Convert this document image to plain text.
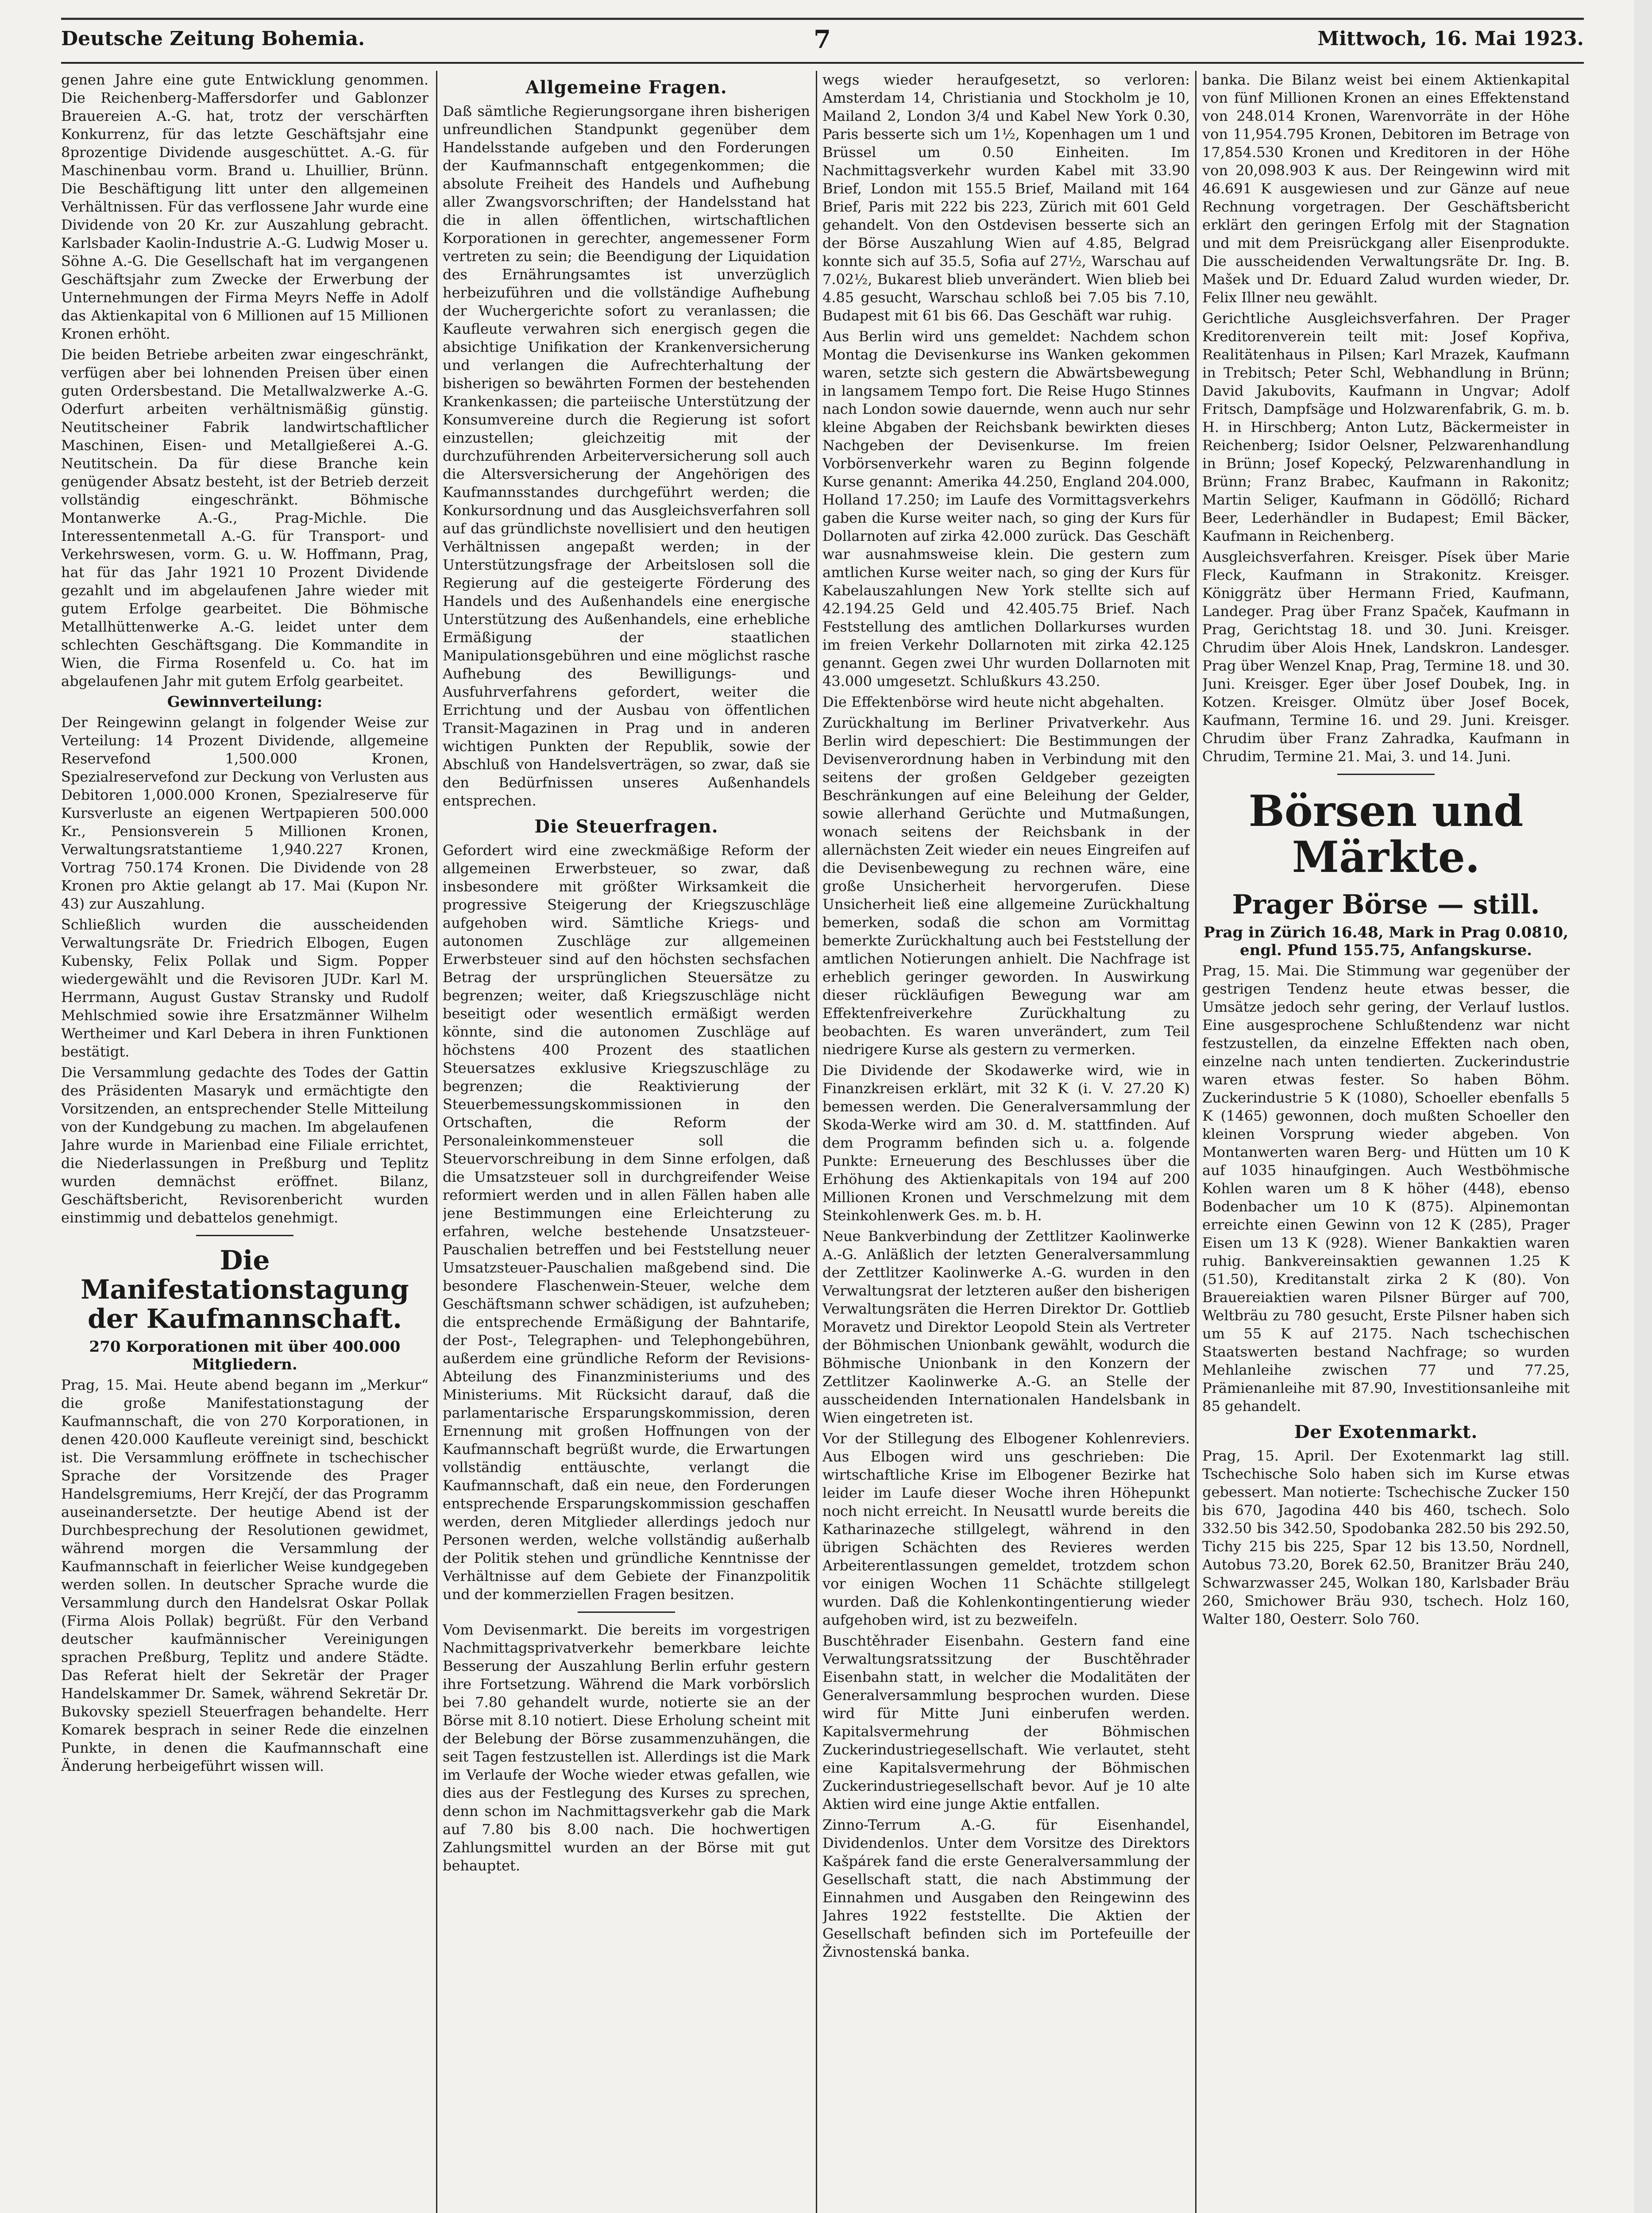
Deutsche Zeitung Bohemia.	7	Mittwoch, 16. Mai 1923.

genen Jahre eine gute Entwicklung genommen. Die Reichenberg-Maffersdorfer und Gablonzer Brauereien A.-G. hat, trotz der verschärften Konkurrenz, für das letzte Geschäftsjahr eine 8prozentige Dividende ausgeschüttet. A.-G. für Maschinenbau vorm. Brand u. Lhuillier, Brünn. Die Beschäftigung litt unter den allgemeinen Verhältnissen. Für das verflossene Jahr wurde eine Dividende von 20 Kr. zur Auszahlung gebracht. Karlsbader Kaolin-Industrie A.-G. Ludwig Moser u. Söhne A.-G. Die Gesellschaft hat im vergangenen Geschäftsjahr zum Zwecke der Erwerbung der Unternehmungen der Firma Meyrs Neffe in Adolf das Aktienkapital von 6 Millionen auf 15 Millionen Kronen erhöht.

Die beiden Betriebe arbeiten zwar eingeschränkt, verfügen aber bei lohnenden Preisen über einen guten Ordersbestand. Die Metallwalzwerke A.-G. Oderfurt arbeiten verhältnismäßig günstig. Neutitscheiner Fabrik landwirtschaftlicher Maschinen, Eisen- und Metallgießerei A.-G. Neutitschein. Da für diese Branche kein genügender Absatz besteht, ist der Betrieb derzeit vollständig eingeschränkt. Böhmische Montanwerke A.-G., Prag-Michle. Die Interessentenmetall A.-G. für Transport- und Verkehrswesen, vorm. G. u. W. Hoffmann, Prag, hat für das Jahr 1921 10 Prozent Dividende gezahlt und im abgelaufenen Jahre wieder mit gutem Erfolge gearbeitet. Die Böhmische Metallhüttenwerke A.-G. leidet unter dem schlechten Geschäftsgang. Die Kommandite in Wien, die Firma Rosenfeld u. Co. hat im abgelaufenen Jahr mit gutem Erfolg gearbeitet.

Gewinnverteilung:

Der Reingewinn gelangt in folgender Weise zur Verteilung: 14 Prozent Dividende, allgemeine Reservefond 1,500.000 Kronen, Spezialreservefond zur Deckung von Verlusten aus Debitoren 1,000.000 Kronen, Spezialreserve für Kursverluste an eigenen Wertpapieren 500.000 Kr., Pensionsverein 5 Millionen Kronen, Verwaltungsratstantieme 1,940.227 Kronen, Vortrag 750.174 Kronen. Die Dividende von 28 Kronen pro Aktie gelangt ab 17. Mai (Kupon Nr. 43) zur Auszahlung.

Schließlich wurden die ausscheidenden Verwaltungsräte Dr. Friedrich Elbogen, Eugen Kubensky, Felix Pollak und Sigm. Popper wiedergewählt und die Revisoren JUDr. Karl M. Herrmann, August Gustav Stransky und Rudolf Mehlschmied sowie ihre Ersatzmänner Wilhelm Wertheimer und Karl Debera in ihren Funktionen bestätigt.

Die Versammlung gedachte des Todes der Gattin des Präsidenten Masaryk und ermächtigte den Vorsitzenden, an entsprechender Stelle Mitteilung von der Kundgebung zu machen. Im abgelaufenen Jahre wurde in Marienbad eine Filiale errichtet, die Niederlassungen in Preßburg und Teplitz wurden demnächst eröffnet. Bilanz, Geschäftsbericht, Revisorenbericht wurden einstimmig und debattelos genehmigt.

Die Manifestationstagung der Kaufmannschaft.
270 Korporationen mit über 400.000 Mitgliedern.

Prag, 15. Mai. Heute abend begann im „Merkur“ die große Manifestationstagung der Kaufmannschaft, die von 270 Korporationen, in denen 420.000 Kaufleute vereinigt sind, beschickt ist. Die Versammlung eröffnete in tschechischer Sprache der Vorsitzende des Prager Handelsgremiums, Herr Krejčí, der das Programm auseinandersetzte. Der heutige Abend ist der Durchbesprechung der Resolutionen gewidmet, während morgen die Versammlung der Kaufmannschaft in feierlicher Weise kundgegeben werden sollen. In deutscher Sprache wurde die Versammlung durch den Handelsrat Oskar Pollak (Firma Alois Pollak) begrüßt. Für den Verband deutscher kaufmännischer Vereinigungen sprachen Preßburg, Teplitz und andere Städte. Das Referat hielt der Sekretär der Prager Handelskammer Dr. Samek, während Sekretär Dr. Bukovsky speziell Steuerfragen behandelte. Herr Komarek besprach in seiner Rede die einzelnen Punkte, in denen die Kaufmannschaft eine Änderung herbeigeführt wissen will.

Allgemeine Fragen.

Daß sämtliche Regierungsorgane ihren bisherigen unfreundlichen Standpunkt gegenüber dem Handelsstande aufgeben und den Forderungen der Kaufmannschaft entgegenkommen; die absolute Freiheit des Handels und Aufhebung aller Zwangsvorschriften; der Handelsstand hat die in allen öffentlichen, wirtschaftlichen Korporationen in gerechter, angemessener Form vertreten zu sein; die Beendigung der Liquidation des Ernährungsamtes ist unverzüglich herbeizuführen und die vollständige Aufhebung der Wuchergerichte sofort zu veranlassen; die Kaufleute verwahren sich energisch gegen die absichtige Unifikation der Krankenversicherung und verlangen die Aufrechterhaltung der bisherigen so bewährten Formen der bestehenden Krankenkassen; die parteiische Unterstützung der Konsumvereine durch die Regierung ist sofort einzustellen; gleichzeitig mit der durchzuführenden Arbeiterversicherung soll auch die Altersversicherung der Angehörigen des Kaufmannsstandes durchgeführt werden; die Konkursordnung und das Ausgleichsverfahren soll auf das gründlichste novellisiert und den heutigen Verhältnissen angepaßt werden; in der Unterstützungsfrage der Arbeitslosen soll die Regierung auf die gesteigerte Förderung des Handels und des Außenhandels eine energische Unterstützung des Außenhandels, eine erhebliche Ermäßigung der staatlichen Manipulationsgebühren und eine möglichst rasche Aufhebung des Bewilligungs- und Ausfuhrverfahrens gefordert, weiter die Errichtung und der Ausbau von öffentlichen Transit-Magazinen in Prag und in anderen wichtigen Punkten der Republik, sowie der Abschluß von Handelsverträgen, so zwar, daß sie den Bedürfnissen unseres Außenhandels entsprechen.

Die Steuerfragen.

Gefordert wird eine zweckmäßige Reform der allgemeinen Erwerbsteuer, so zwar, daß insbesondere mit größter Wirksamkeit die progressive Steigerung der Kriegszuschläge aufgehoben wird. Sämtliche Kriegs- und autonomen Zuschläge zur allgemeinen Erwerbsteuer sind auf den höchsten sechsfachen Betrag der ursprünglichen Steuersätze zu begrenzen; weiter, daß Kriegszuschläge nicht beseitigt oder wesentlich ermäßigt werden könnte, sind die autonomen Zuschläge auf höchstens 400 Prozent des staatlichen Steuersatzes exklusive Kriegszuschläge zu begrenzen; die Reaktivierung der Steuerbemessungskommissionen in den Ortschaften, die Reform der Personaleinkommensteuer soll die Steuervorschreibung in dem Sinne erfolgen, daß die Umsatzsteuer soll in durchgreifender Weise reformiert werden und in allen Fällen haben alle jene Bestimmungen eine Erleichterung zu erfahren, welche bestehende Unsatzsteuer-Pauschalien betreffen und bei Feststellung neuer Umsatzsteuer-Pauschalien maßgebend sind. Die besondere Flaschenwein-Steuer, welche dem Geschäftsmann schwer schädigen, ist aufzuheben; die entsprechende Ermäßigung der Bahntarife, der Post-, Telegraphen- und Telephongebühren, außerdem eine gründliche Reform der Revisions-Abteilung des Finanzministeriums und des Ministeriums. Mit Rücksicht darauf, daß die parlamentarische Ersparungskommission, deren Ernennung mit großen Hoffnungen von der Kaufmannschaft begrüßt wurde, die Erwartungen vollständig enttäuschte, verlangt die Kaufmannschaft, daß ein neue, den Forderungen entsprechende Ersparungskommission geschaffen werden, deren Mitglieder allerdings jedoch nur Personen werden, welche vollständig außerhalb der Politik stehen und gründliche Kenntnisse der Verhältnisse auf dem Gebiete der Finanzpolitik und der kommerziellen Fragen besitzen.

Vom Devisenmarkt. Die bereits im vorgestrigen Nachmittagsprivatverkehr bemerkbare leichte Besserung der Auszahlung Berlin erfuhr gestern ihre Fortsetzung. Während die Mark vorbörslich bei 7.80 gehandelt wurde, notierte sie an der Börse mit 8.10 notiert. Diese Erholung scheint mit der Belebung der Börse zusammenzuhängen, die seit Tagen festzustellen ist. Allerdings ist die Mark im Verlaufe der Woche wieder etwas gefallen, wie dies aus der Festlegung des Kurses zu sprechen, denn schon im Nachmittagsverkehr gab die Mark auf 7.80 bis 8.00 nach. Die hochwertigen Zahlungsmittel wurden an der Börse mit gut behauptet.

wegs wieder heraufgesetzt, so verloren: Amsterdam 14, Christiania und Stockholm je 10, Mailand 2, London 3/4 und Kabel New York 0.30, Paris besserte sich um 1½, Kopenhagen um 1 und Brüssel um 0.50 Einheiten. Im Nachmittagsverkehr wurden Kabel mit 33.90 Brief, London mit 155.5 Brief, Mailand mit 164 Brief, Paris mit 222 bis 223, Zürich mit 601 Geld gehandelt. Von den Ostdevisen besserte sich an der Börse Auszahlung Wien auf 4.85, Belgrad konnte sich auf 35.5, Sofia auf 27½, Warschau auf 7.02½, Bukarest blieb unverändert. Wien blieb bei 4.85 gesucht, Warschau schloß bei 7.05 bis 7.10, Budapest mit 61 bis 66. Das Geschäft war ruhig.

Aus Berlin wird uns gemeldet: Nachdem schon Montag die Devisenkurse ins Wanken gekommen waren, setzte sich gestern die Abwärtsbewegung in langsamem Tempo fort. Die Reise Hugo Stinnes nach London sowie dauernde, wenn auch nur sehr kleine Abgaben der Reichsbank bewirkten dieses Nachgeben der Devisenkurse. Im freien Vorbörsenverkehr waren zu Beginn folgende Kurse genannt: Amerika 44.250, England 204.000, Holland 17.250; im Laufe des Vormittagsverkehrs gaben die Kurse weiter nach, so ging der Kurs für Dollarnoten auf zirka 42.000 zurück. Das Geschäft war ausnahmsweise klein. Die gestern zum amtlichen Kurse weiter nach, so ging der Kurs für Kabelauszahlungen New York stellte sich auf 42.194.25 Geld und 42.405.75 Brief. Nach Feststellung des amtlichen Dollarkurses wurden im freien Verkehr Dollarnoten mit zirka 42.125 genannt. Gegen zwei Uhr wurden Dollarnoten mit 43.000 umgesetzt. Schlußkurs 43.250.

Die Effektenbörse wird heute nicht abgehalten.

Zurückhaltung im Berliner Privatverkehr. Aus Berlin wird depeschiert: Die Bestimmungen der Devisenverordnung haben in Verbindung mit den seitens der großen Geldgeber gezeigten Beschränkungen auf eine Beleihung der Gelder, sowie allerhand Gerüchte und Mutmaßungen, wonach seitens der Reichsbank in der allernächsten Zeit wieder ein neues Eingreifen auf die Devisenbewegung zu rechnen wäre, eine große Unsicherheit hervorgerufen. Diese Unsicherheit ließ eine allgemeine Zurückhaltung bemerken, sodaß die schon am Vormittag bemerkte Zurückhaltung auch bei Feststellung der amtlichen Notierungen anhielt. Die Nachfrage ist erheblich geringer geworden. In Auswirkung dieser rückläufigen Bewegung war am Effektenfreiverkehre Zurückhaltung zu beobachten. Es waren unverändert, zum Teil niedrigere Kurse als gestern zu vermerken.

Die Dividende der Skodawerke wird, wie in Finanzkreisen erklärt, mit 32 K (i. V. 27.20 K) bemessen werden. Die Generalversammlung der Skoda-Werke wird am 30. d. M. stattfinden. Auf dem Programm befinden sich u. a. folgende Punkte: Erneuerung des Beschlusses über die Erhöhung des Aktienkapitals von 194 auf 200 Millionen Kronen und Verschmelzung mit dem Steinkohlenwerk Ges. m. b. H.

Neue Bankverbindung der Zettlitzer Kaolinwerke A.-G. Anläßlich der letzten Generalversammlung der Zettlitzer Kaolinwerke A.-G. wurden in den Verwaltungsrat der letzteren außer den bisherigen Verwaltungsräten die Herren Direktor Dr. Gottlieb Moravetz und Direktor Leopold Stein als Vertreter der Böhmischen Unionbank gewählt, wodurch die Böhmische Unionbank in den Konzern der Zettlitzer Kaolinwerke A.-G. an Stelle der ausscheidenden Internationalen Handelsbank in Wien eingetreten ist.

Vor der Stillegung des Elbogener Kohlenreviers. Aus Elbogen wird uns geschrieben: Die wirtschaftliche Krise im Elbogener Bezirke hat leider im Laufe dieser Woche ihren Höhepunkt noch nicht erreicht. In Neusattl wurde bereits die Katharinazeche stillgelegt, während in den übrigen Schächten des Revieres werden Arbeiterentlassungen gemeldet, trotzdem schon vor einigen Wochen 11 Schächte stillgelegt wurden. Daß die Kohlenkontingentierung wieder aufgehoben wird, ist zu bezweifeln.

Buschtěhrader Eisenbahn. Gestern fand eine Verwaltungsratssitzung der Buschtěhrader Eisenbahn statt, in welcher die Modalitäten der Generalversammlung besprochen wurden. Diese wird für Mitte Juni einberufen werden. Kapitalsvermehrung der Böhmischen Zuckerindustriegesellschaft. Wie verlautet, steht eine Kapitalsvermehrung der Böhmischen Zuckerindustriegesellschaft bevor. Auf je 10 alte Aktien wird eine junge Aktie entfallen.

Zinno-Terrum A.-G. für Eisenhandel, Dividendenlos. Unter dem Vorsitze des Direktors Kašpárek fand die erste Generalversammlung der Gesellschaft statt, die nach Abstimmung der Einnahmen und Ausgaben den Reingewinn des Jahres 1922 feststellte. Die Aktien der Gesellschaft befinden sich im Portefeuille der Živnostenská banka.

banka. Die Bilanz weist bei einem Aktienkapital von fünf Millionen Kronen an eines Effektenstand von 248.014 Kronen, Warenvorräte in der Höhe von 11,954.795 Kronen, Debitoren im Betrage von 17,854.530 Kronen und Kreditoren in der Höhe von 20,098.903 K aus. Der Reingewinn wird mit 46.691 K ausgewiesen und zur Gänze auf neue Rechnung vorgetragen. Der Geschäftsbericht erklärt den geringen Erfolg mit der Stagnation und mit dem Preisrückgang aller Eisenprodukte. Die ausscheidenden Verwaltungsräte Dr. Ing. B. Mašek und Dr. Eduard Zalud wurden wieder, Dr. Felix Illner neu gewählt.

Gerichtliche Ausgleichsverfahren. Der Prager Kreditorenverein teilt mit: Josef Kopřiva, Realitätenhaus in Pilsen; Karl Mrazek, Kaufmann in Trebitsch; Peter Schl, Webhandlung in Brünn; David Jakubovits, Kaufmann in Ungvar; Adolf Fritsch, Dampfsäge und Holzwarenfabrik, G. m. b. H. in Hirschberg; Anton Lutz, Bäckermeister in Reichenberg; Isidor Oelsner, Pelzwarenhandlung in Brünn; Josef Kopecký, Pelzwarenhandlung in Brünn; Franz Brabec, Kaufmann in Rakonitz; Martin Seliger, Kaufmann in Gödöllő; Richard Beer, Lederhändler in Budapest; Emil Bäcker, Kaufmann in Reichenberg.

Ausgleichsverfahren. Kreisger. Písek über Marie Fleck, Kaufmann in Strakonitz. Kreisger. Königgrätz über Hermann Fried, Kaufmann, Landeger. Prag über Franz Spaček, Kaufmann in Prag, Gerichtstag 18. und 30. Juni. Kreisger. Chrudim über Alois Hnek, Landskron. Landesger. Prag über Wenzel Knap, Prag, Termine 18. und 30. Juni. Kreisger. Eger über Josef Doubek, Ing. in Kotzen. Kreisger. Olmütz über Josef Bocek, Kaufmann, Termine 16. und 29. Juni. Kreisger. Chrudim über Franz Zahradka, Kaufmann in Chrudim, Termine 21. Mai, 3. und 14. Juni.

Börsen und Märkte.
Prager Börse — still.
Prag in Zürich 16.48, Mark in Prag 0.0810, engl. Pfund 155.75, Anfangskurse.

Prag, 15. Mai. Die Stimmung war gegenüber der gestrigen Tendenz heute etwas besser, die Umsätze jedoch sehr gering, der Verlauf lustlos. Eine ausgesprochene Schlußtendenz war nicht festzustellen, da einzelne Effekten nach oben, einzelne nach unten tendierten. Zuckerindustrie waren etwas fester. So haben Böhm. Zuckerindustrie 5 K (1080), Schoeller ebenfalls 5 K (1465) gewonnen, doch mußten Schoeller den kleinen Vorsprung wieder abgeben. Von Montanwerten waren Berg- und Hütten um 10 K auf 1035 hinaufgingen. Auch Westböhmische Kohlen waren um 8 K höher (448), ebenso Bodenbacher um 10 K (875). Alpinemontan erreichte einen Gewinn von 12 K (285), Prager Eisen um 13 K (928). Wiener Bankaktien waren ruhig. Bankvereinsaktien gewannen 1.25 K (51.50), Kreditanstalt zirka 2 K (80). Von Brauereiaktien waren Pilsner Bürger auf 700, Weltbräu zu 780 gesucht, Erste Pilsner haben sich um 55 K auf 2175. Nach tschechischen Staatswerten bestand Nachfrage; so wurden Mehlanleihe zwischen 77 und 77.25, Prämienanleihe mit 87.90, Investitionsanleihe mit 85 gehandelt.

Der Exotenmarkt.

Prag, 15. April. Der Exotenmarkt lag still. Tschechische Solo haben sich im Kurse etwas gebessert. Man notierte: Tschechische Zucker 150 bis 670, Jagodina 440 bis 460, tschech. Solo 332.50 bis 342.50, Spodobanka 282.50 bis 292.50, Tichy 215 bis 225, Spar 12 bis 13.50, Nordnell, Autobus 73.20, Borek 62.50, Branitzer Bräu 240, Schwarzwasser 245, Wolkan 180, Karlsbader Bräu 260, Smichower Bräu 930, tschech. Holz 160, Walter 180, Oesterr. Solo 760.
